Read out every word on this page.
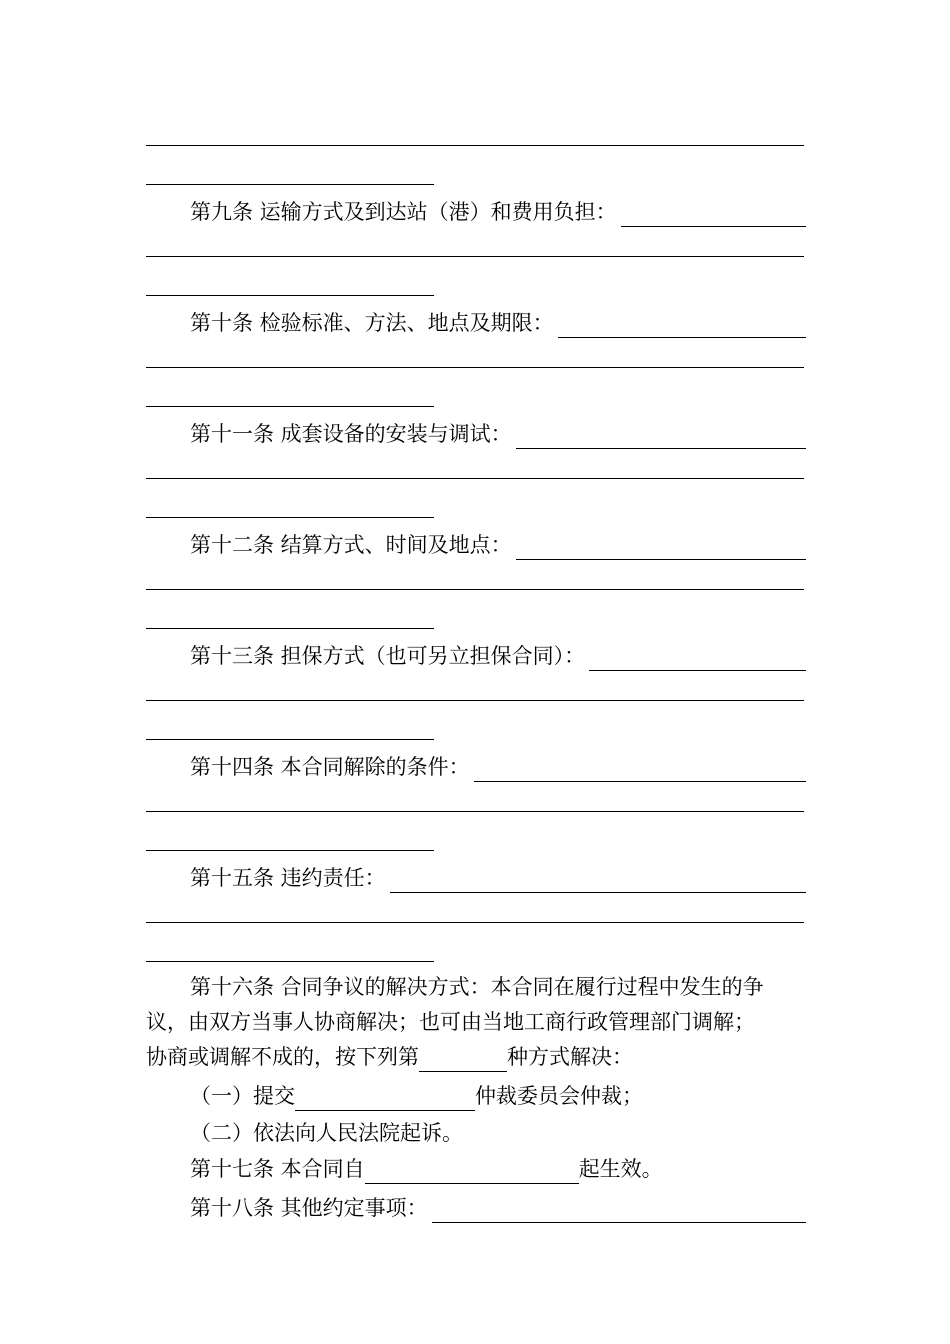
第九条 运输方式及到达站（港）和费用负担：
第十条 检验标准、方法、地点及期限：
第十一条 成套设备的安装与调试：
第十二条 结算方式、时间及地点：
第十三条 担保方式（也可另立担保合同）：
第十四条 本合同解除的条件：
第十五条 违约责任：
第十六条 合同争议的解决方式：本合同在履行过程中发生的争
议，由双方当事人协商解决；也可由当地工商行政管理部门调解；
协商或调解不成的，按下列第	种方式解决：
（一）提交	仲裁委员会仲裁；
（二）依法向人民法院起诉。
第十七条 本合同自	起生效。
第十八条 其他约定事项：
